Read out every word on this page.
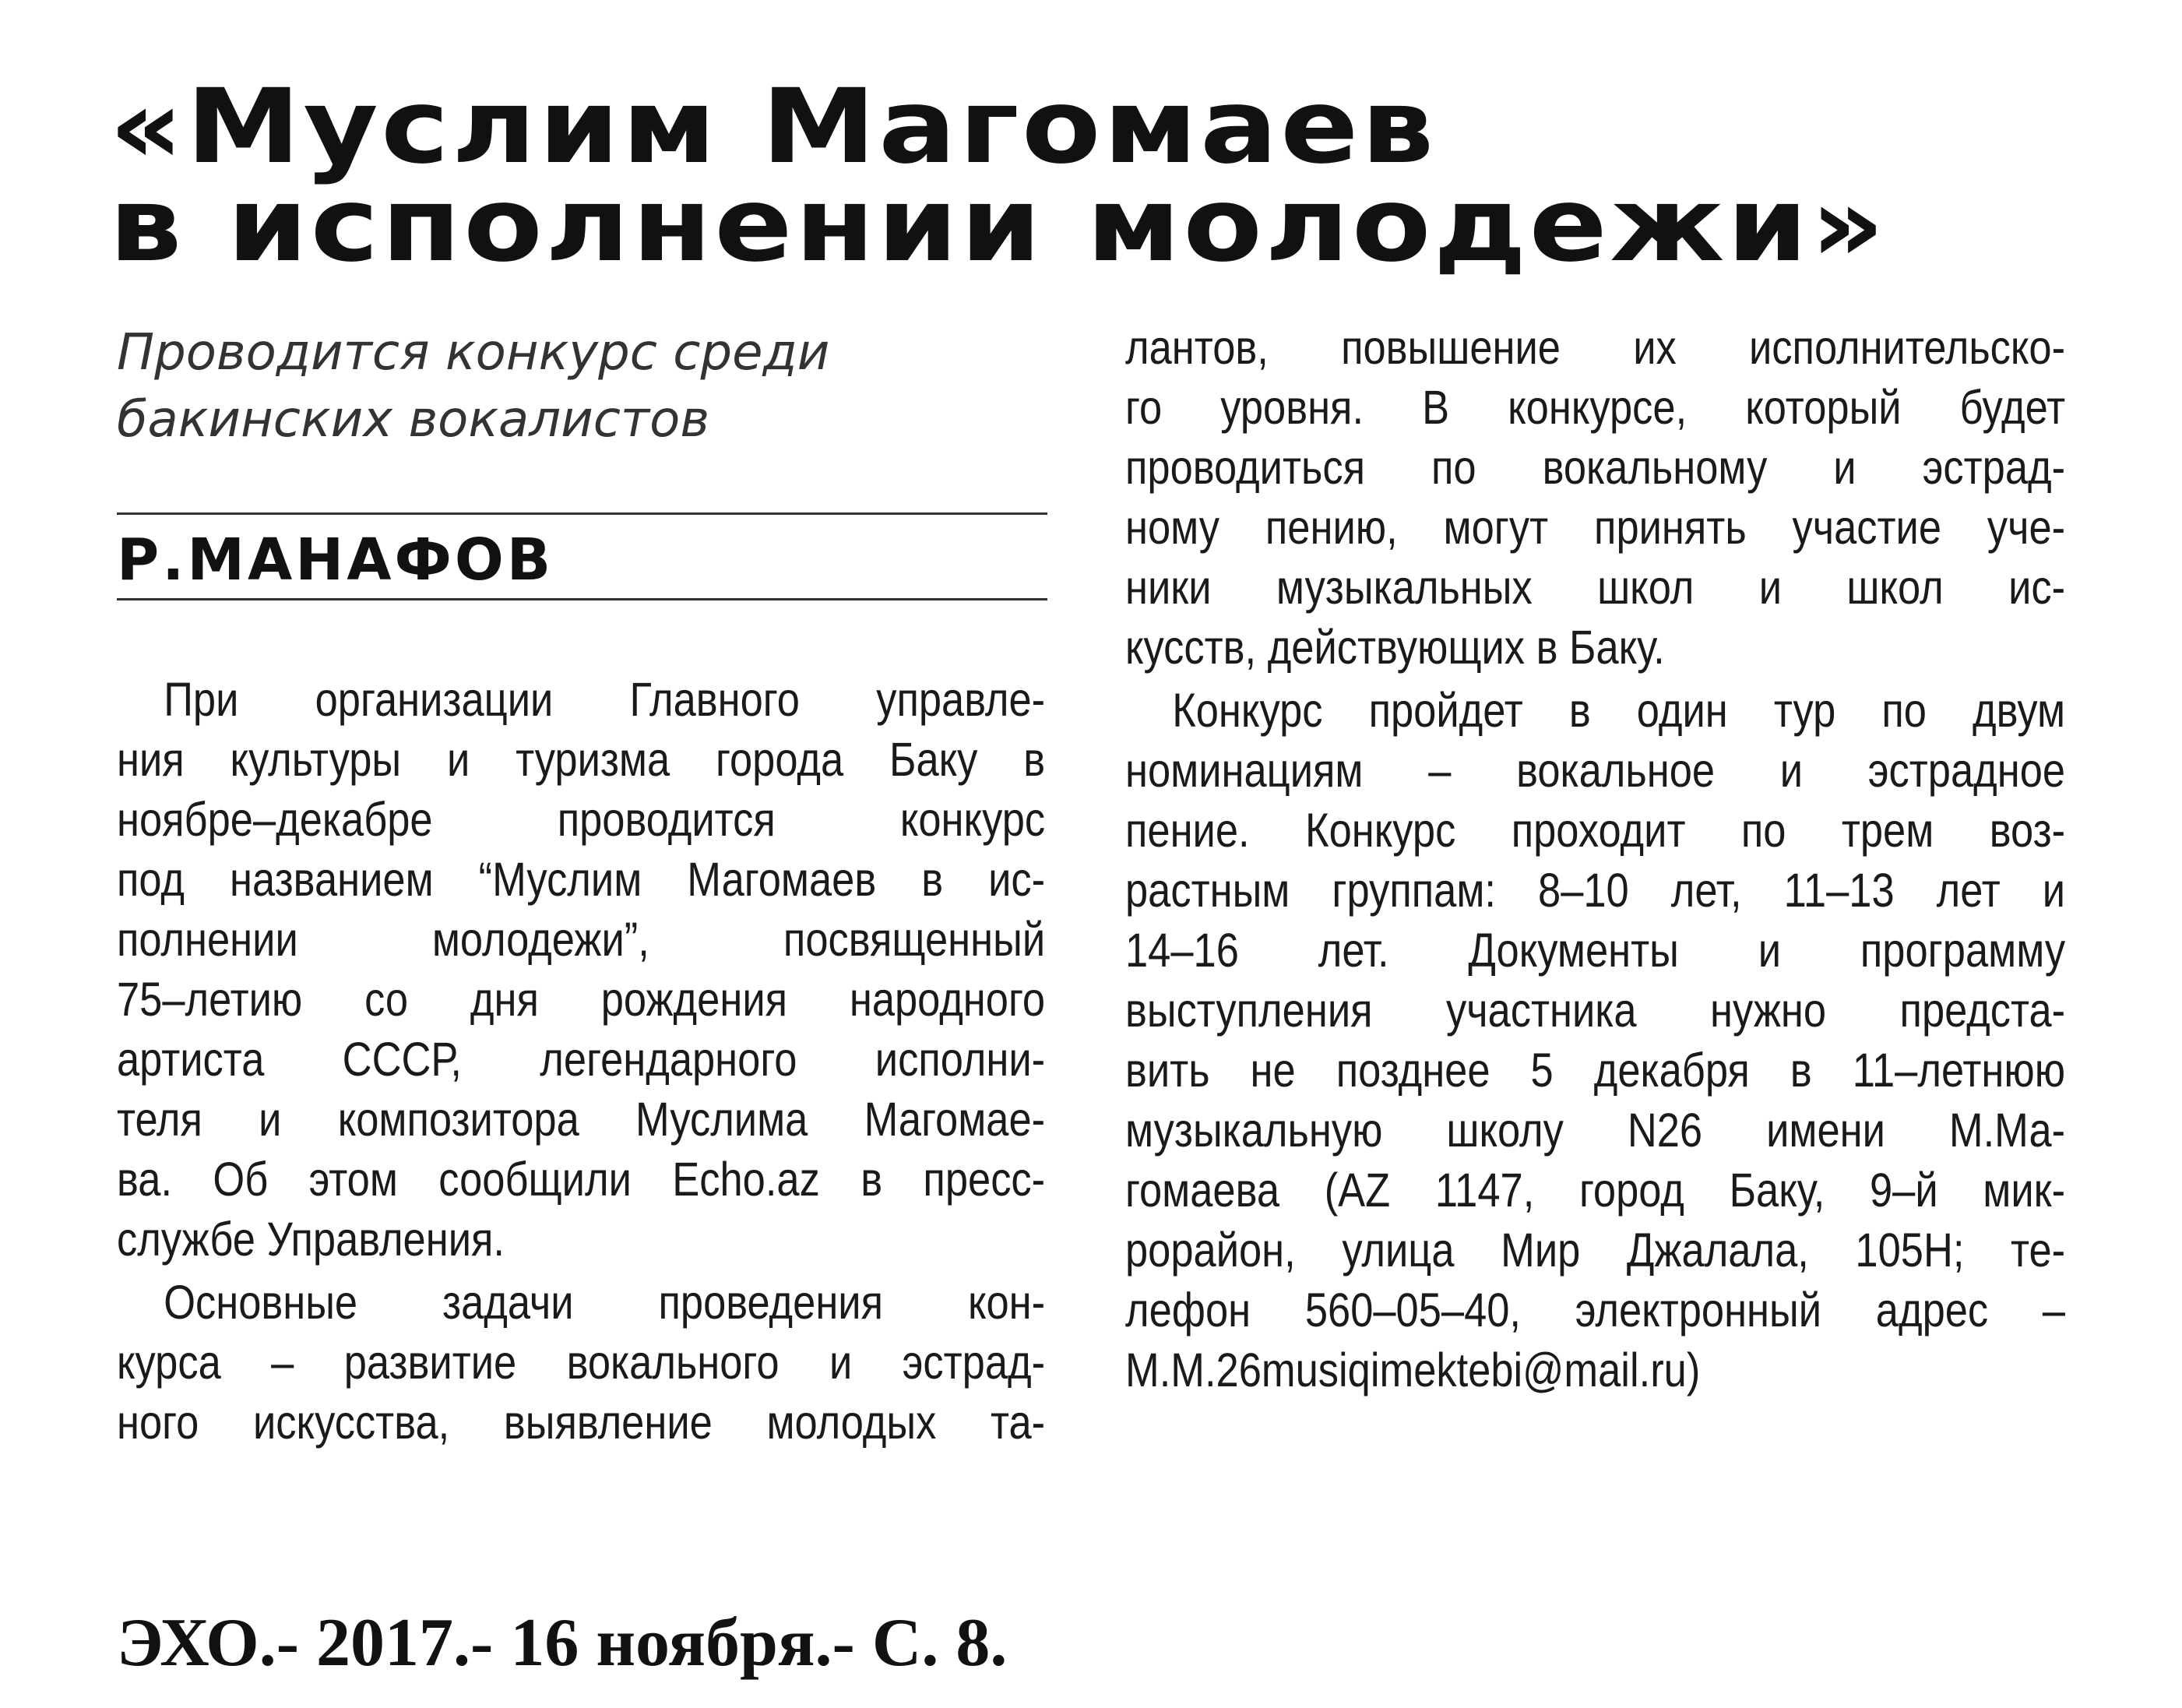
«Муслим Магомаев
в исполнении молодежи»
Проводится конкурс среди
бакинских вокалистов
Р.МАНАФОВ
При организации Главного управле-
ния культуры и туризма города Баку в
ноябре–декабре проводится конкурс
под названием “Муслим Магомаев в ис-
полнении молодежи”, посвященный
75–летию со дня рождения народного
артиста СССР, легендарного исполни-
теля и композитора Муслима Магомае-
ва. Об этом сообщили Echo.az в пресс-
службе Управления.
Основные задачи проведения кон-
курса – развитие вокального и эстрад-
ного искусства, выявление молодых та-
лантов, повышение их исполнительско-
го уровня. В конкурсе, который будет
проводиться по вокальному и эстрад-
ному пению, могут принять участие уче-
ники музыкальных школ и школ ис-
кусств, действующих в Баку.
Конкурс пройдет в один тур по двум
номинациям – вокальное и эстрадное
пение. Конкурс проходит по трем воз-
растным группам: 8–10 лет, 11–13 лет и
14–16 лет. Документы и программу
выступления участника нужно предста-
вить не позднее 5 декабря в 11–летнюю
музыкальную школу N26 имени М.Ма-
гомаева (AZ 1147, город Баку, 9–й мик-
рорайон, улица Мир Джалала, 105Н; те-
лефон 560–05–40, электронный адрес –
M.M.26musiqimektebi@mail.ru)
ЭХО.- 2017.- 16 ноября.- С. 8.
